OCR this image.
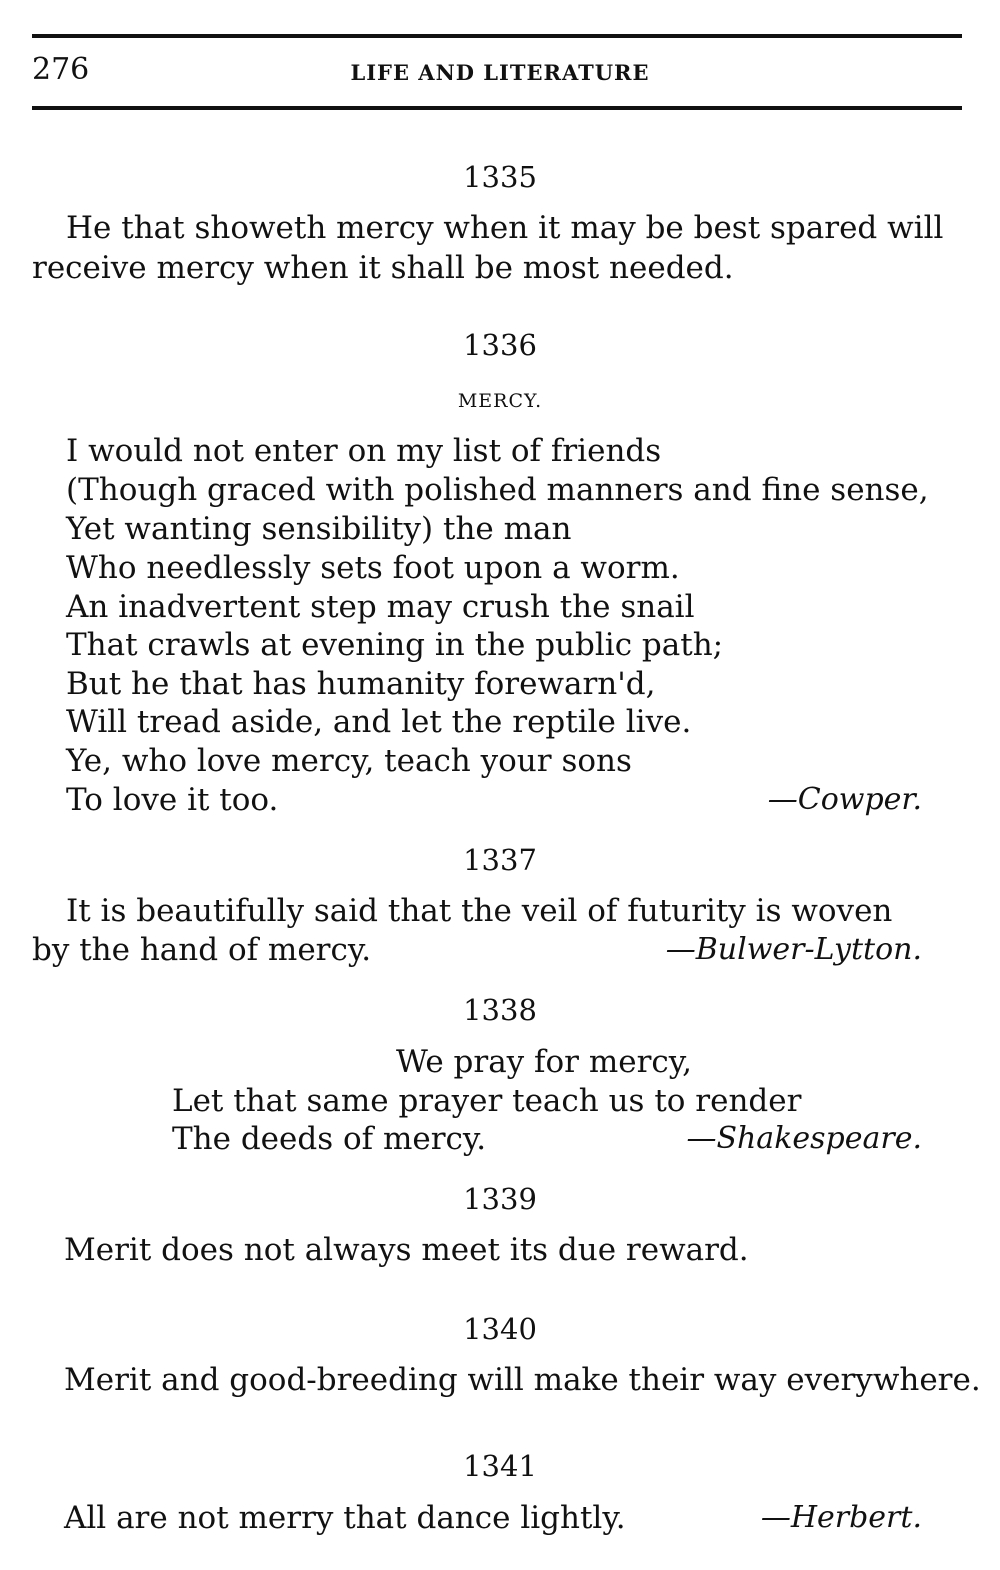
276	LIFE AND LITERATURE
1335
He that showeth mercy when it may be best spared will
receive mercy when it shall be most needed.
1336
MERCY.
I would not enter on my list of friends
(Though graced with polished manners and fine sense,
Yet wanting sensibility) the man
Who needlessly sets foot upon a worm.
An inadvertent step may crush the snail
That crawls at evening in the public path;
But he that has humanity forewarn'd,
Will tread aside, and let the reptile live.
Ye, who love mercy, teach your sons
To love it too.	—Cowper.
1337
It is beautifully said that the veil of futurity is woven
by the hand of mercy.	—Bulwer-Lytton.
1338
We pray for mercy,
Let that same prayer teach us to render
The deeds of mercy.	—Shakespeare.
1339
Merit does not always meet its due reward.
1340
Merit and good-breeding will make their way everywhere.
1341
All are not merry that dance lightly.	—Herbert.
